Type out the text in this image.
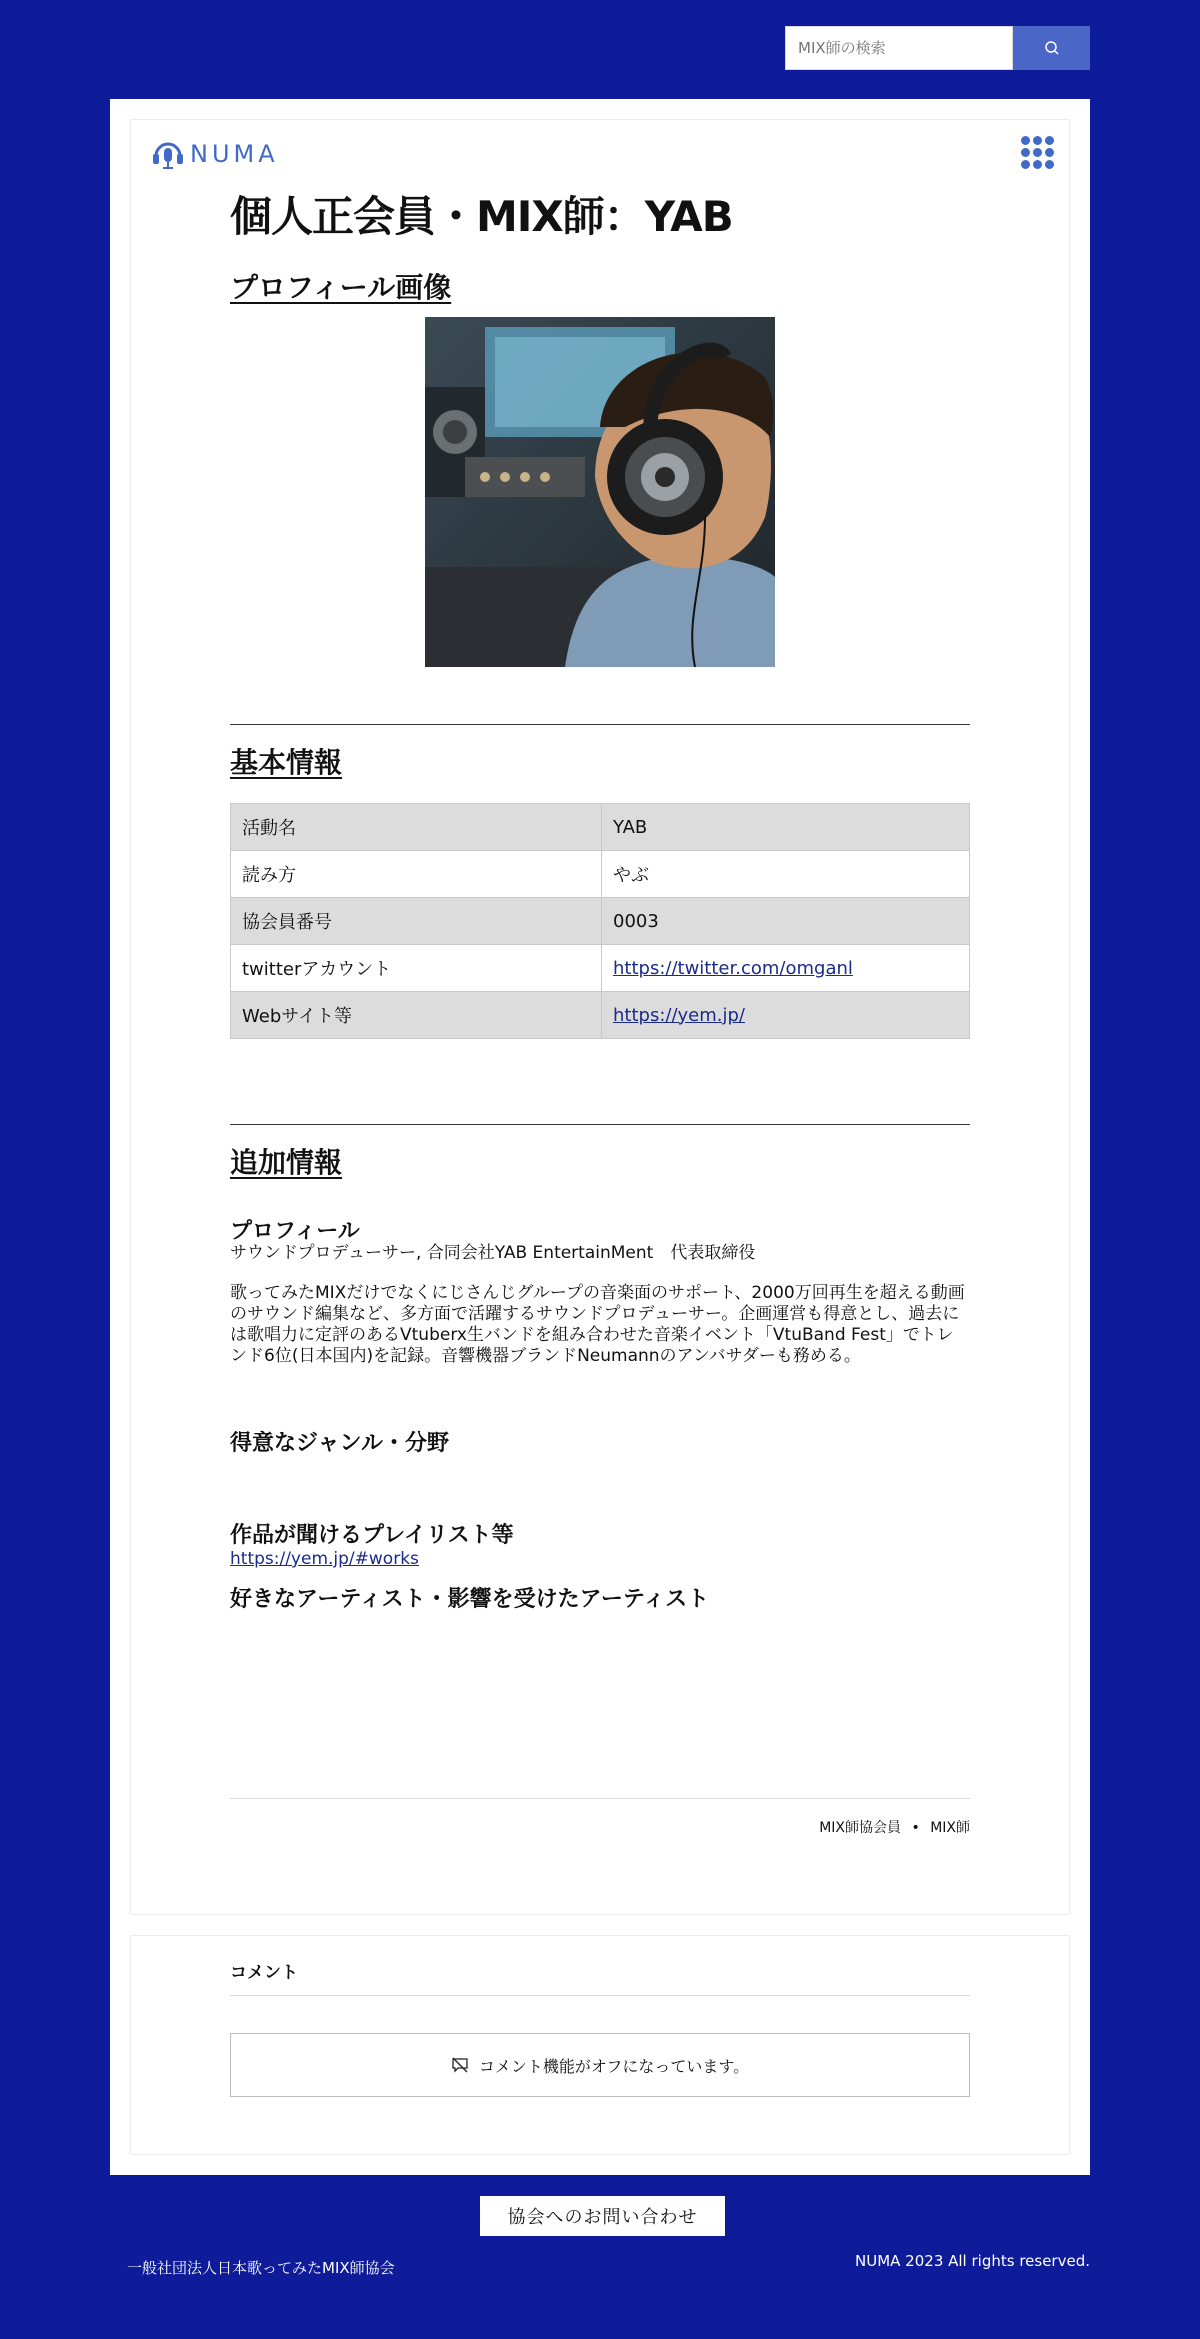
MIX師の検索
NUMA
個人正会員・MIX師：YAB
プロフィール画像
基本情報
活動名	YAB
読み方	やぶ
協会員番号	0003
twitterアカウント	https://twitter.com/omganl
Webサイト等	https://yem.jp/
追加情報
プロフィール

サウンドプロデューサー, 合同会社YAB EntertainMent　代表取締役

歌ってみたMIXだけでなくにじさんじグループの音楽面のサポート、2000万回再生を超える動画のサウンド編集など、多方面で活躍するサウンドプロデューサー。企画運営も得意とし、過去には歌唱力に定評のあるVtuberx生バンドを組み合わせた音楽イベント「VtuBand Fest」でトレンド6位(日本国内)を記録。音響機器ブランドNeumannのアンバサダーも務める。

得意なジャンル・分野
作品が聞けるプレイリスト等

https://yem.jp/#works

好きなアーティスト・影響を受けたアーティスト
MIX師協会員 • MIX師
コメント
コメント機能がオフになっています。
協会へのお問い合わせ
一般社団法人日本歌ってみたMIX師協会	NUMA 2023 All rights reserved.
